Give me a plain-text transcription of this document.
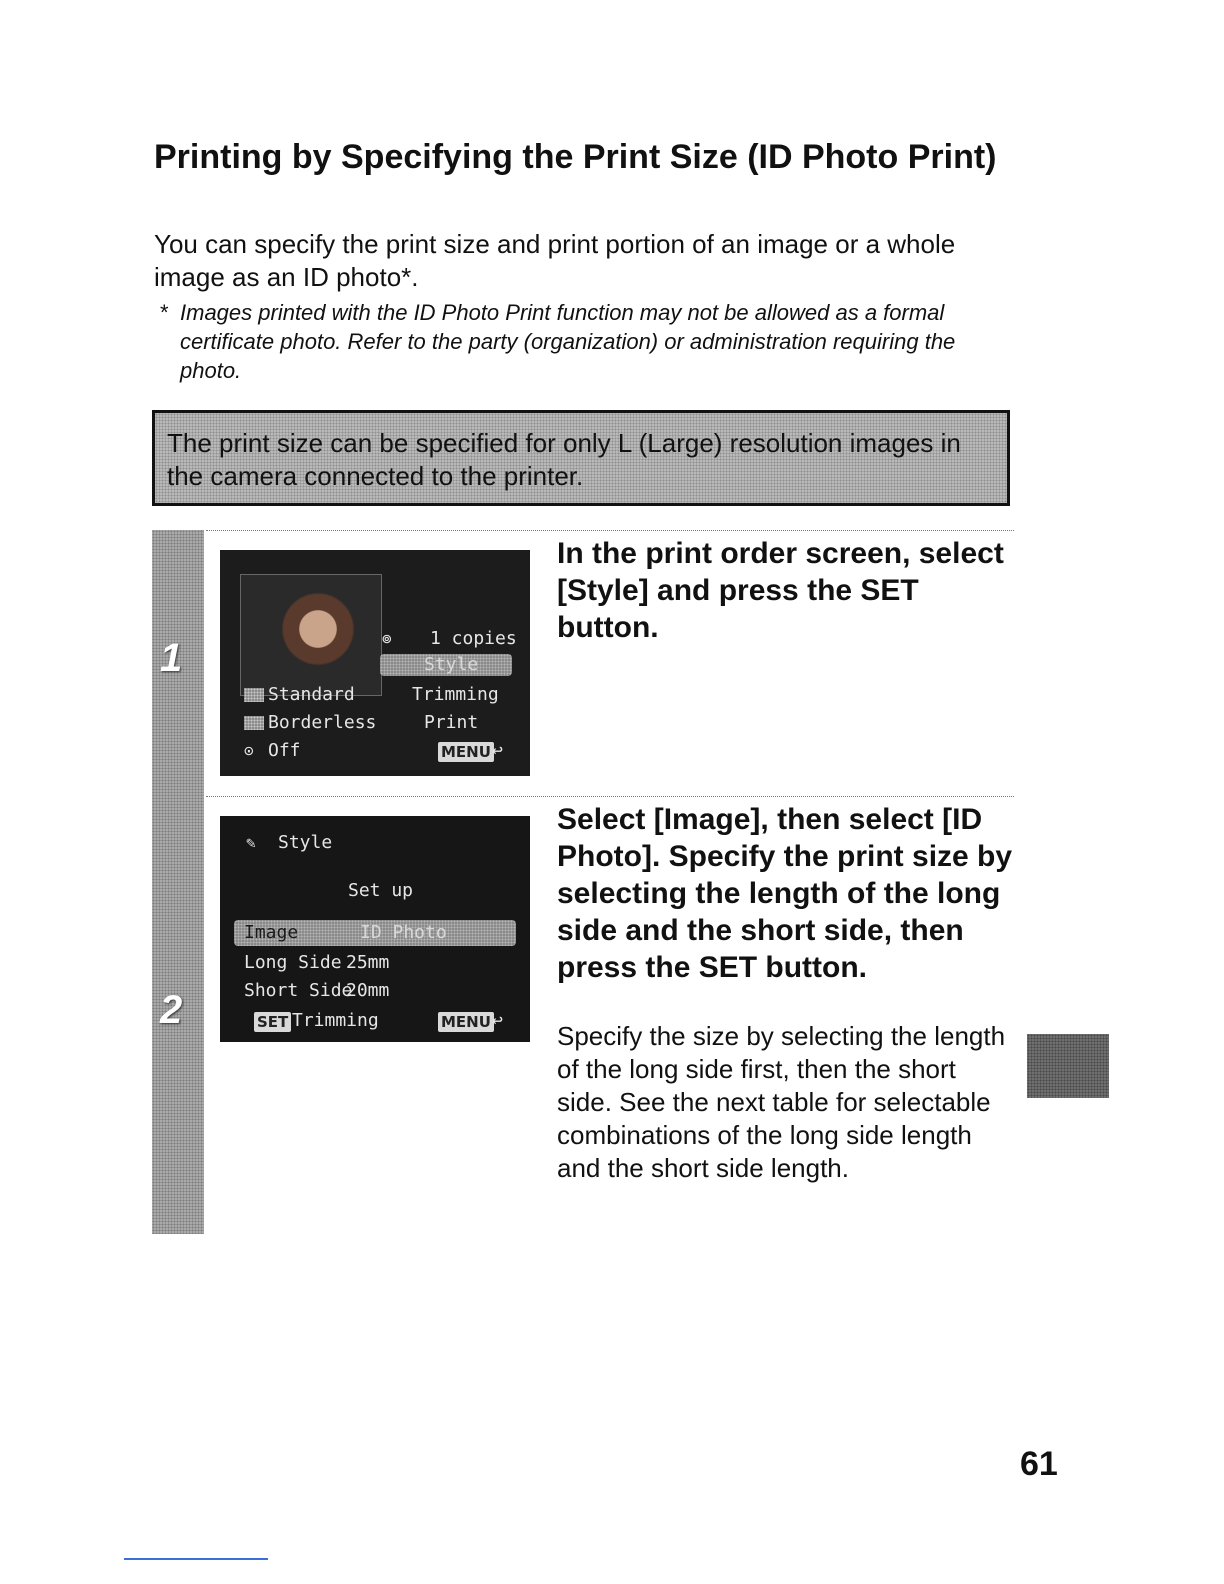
Printing by Specifying the Print Size (ID Photo Print)
You can specify the print size and print portion of an image or a whole image as an ID photo*.
* Images printed with the ID Photo Print function may not be allowed as a formal certificate photo. Refer to the party (organization) or administration requiring the photo.
The print size can be specified for only L (Large) resolution images in the camera connected to the printer.
1
2
⊚ 1 copies
Style
Standard	Trimming
Borderless	Print
⊙ Off	MENU ↩
✎ Style
Set up
Image	ID Photo
Long Side 25mm
Short Side
20mm
SET Trimming	MENU ↩
In the print order screen, select [Style] and press the SET button.
Select [Image], then select [ID Photo]. Specify the print size by selecting the length of the long side and the short side, then press the SET button.
Specify the size by selecting the length of the long side first, then the short side. See the next table for selectable combinations of the long side length and the short side length.
61
